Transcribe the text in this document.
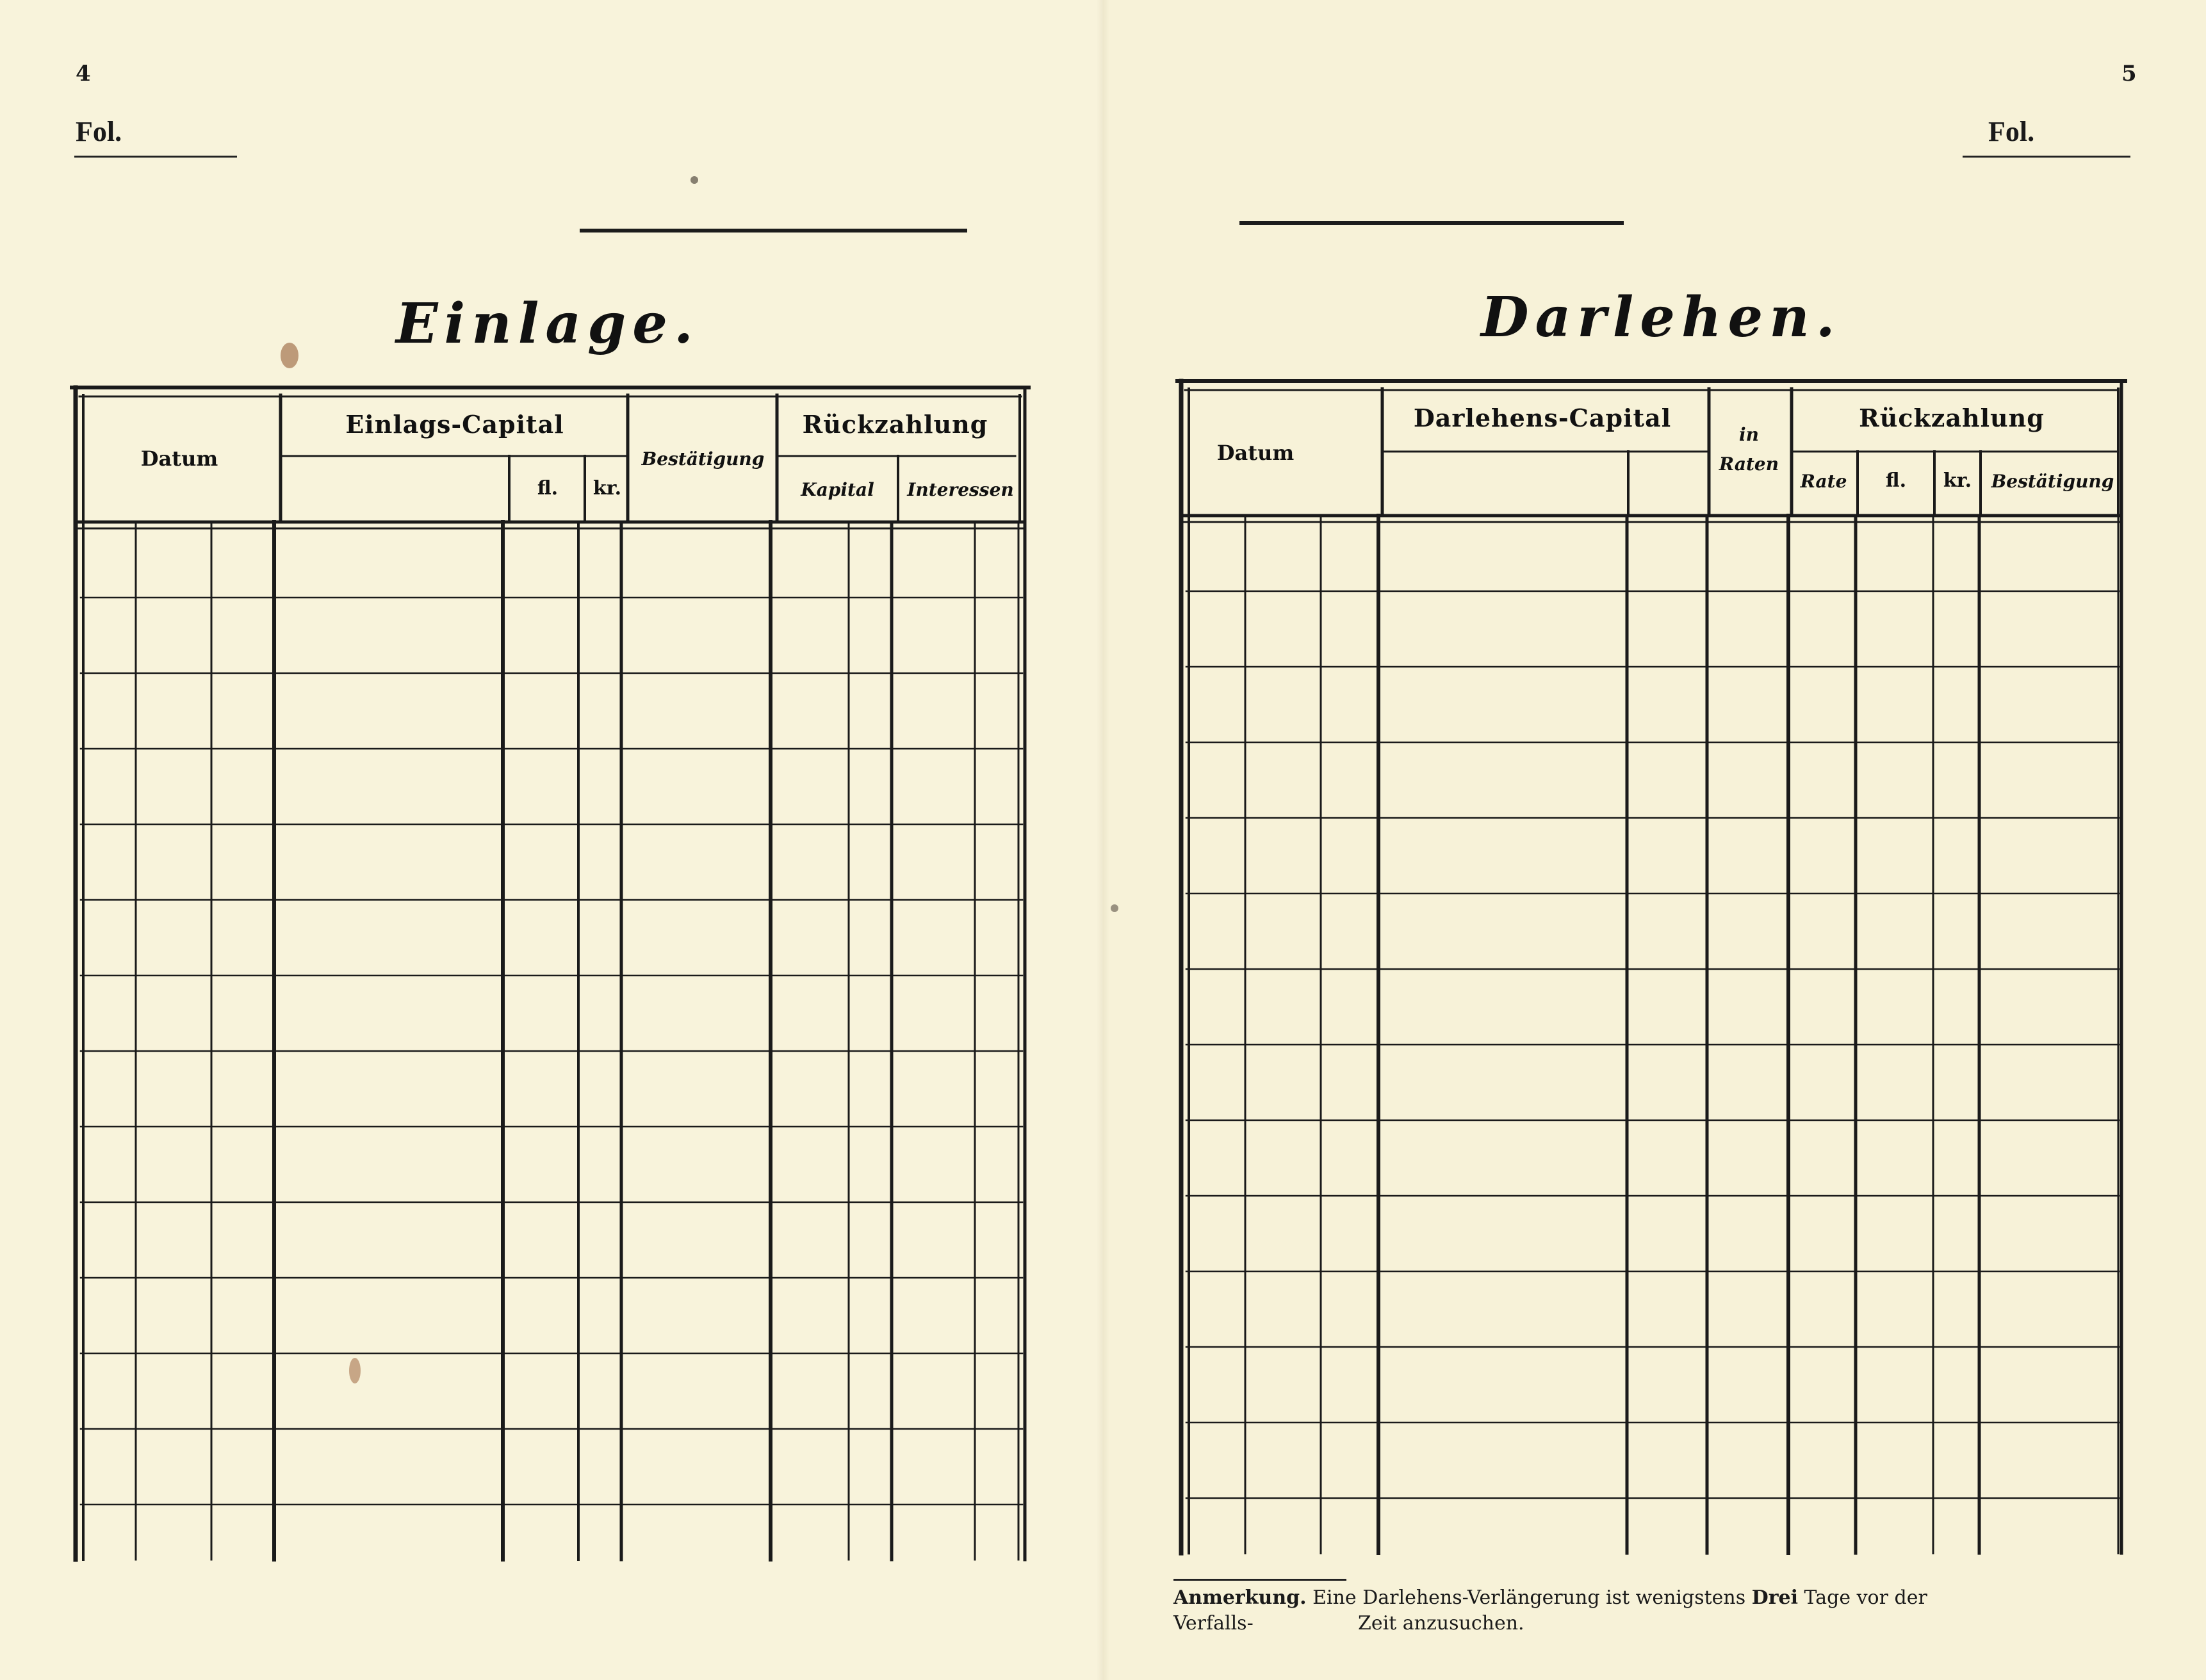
4
Fol.
Einlage.
Datum
Einlags-Capital
fl.	kr.
Bestätigung
Rückzahlung
Kapital	Interessen
5
Fol.
Darlehen.
Datum
Darlehens-Capital
in
Raten
Rückzahlung
Rate	fl.	kr.	Bestätigung
Anmerkung. Eine Darlehens-Verlängerung ist wenigstens Drei Tage vor der Verfalls-	Zeit anzusuchen.
